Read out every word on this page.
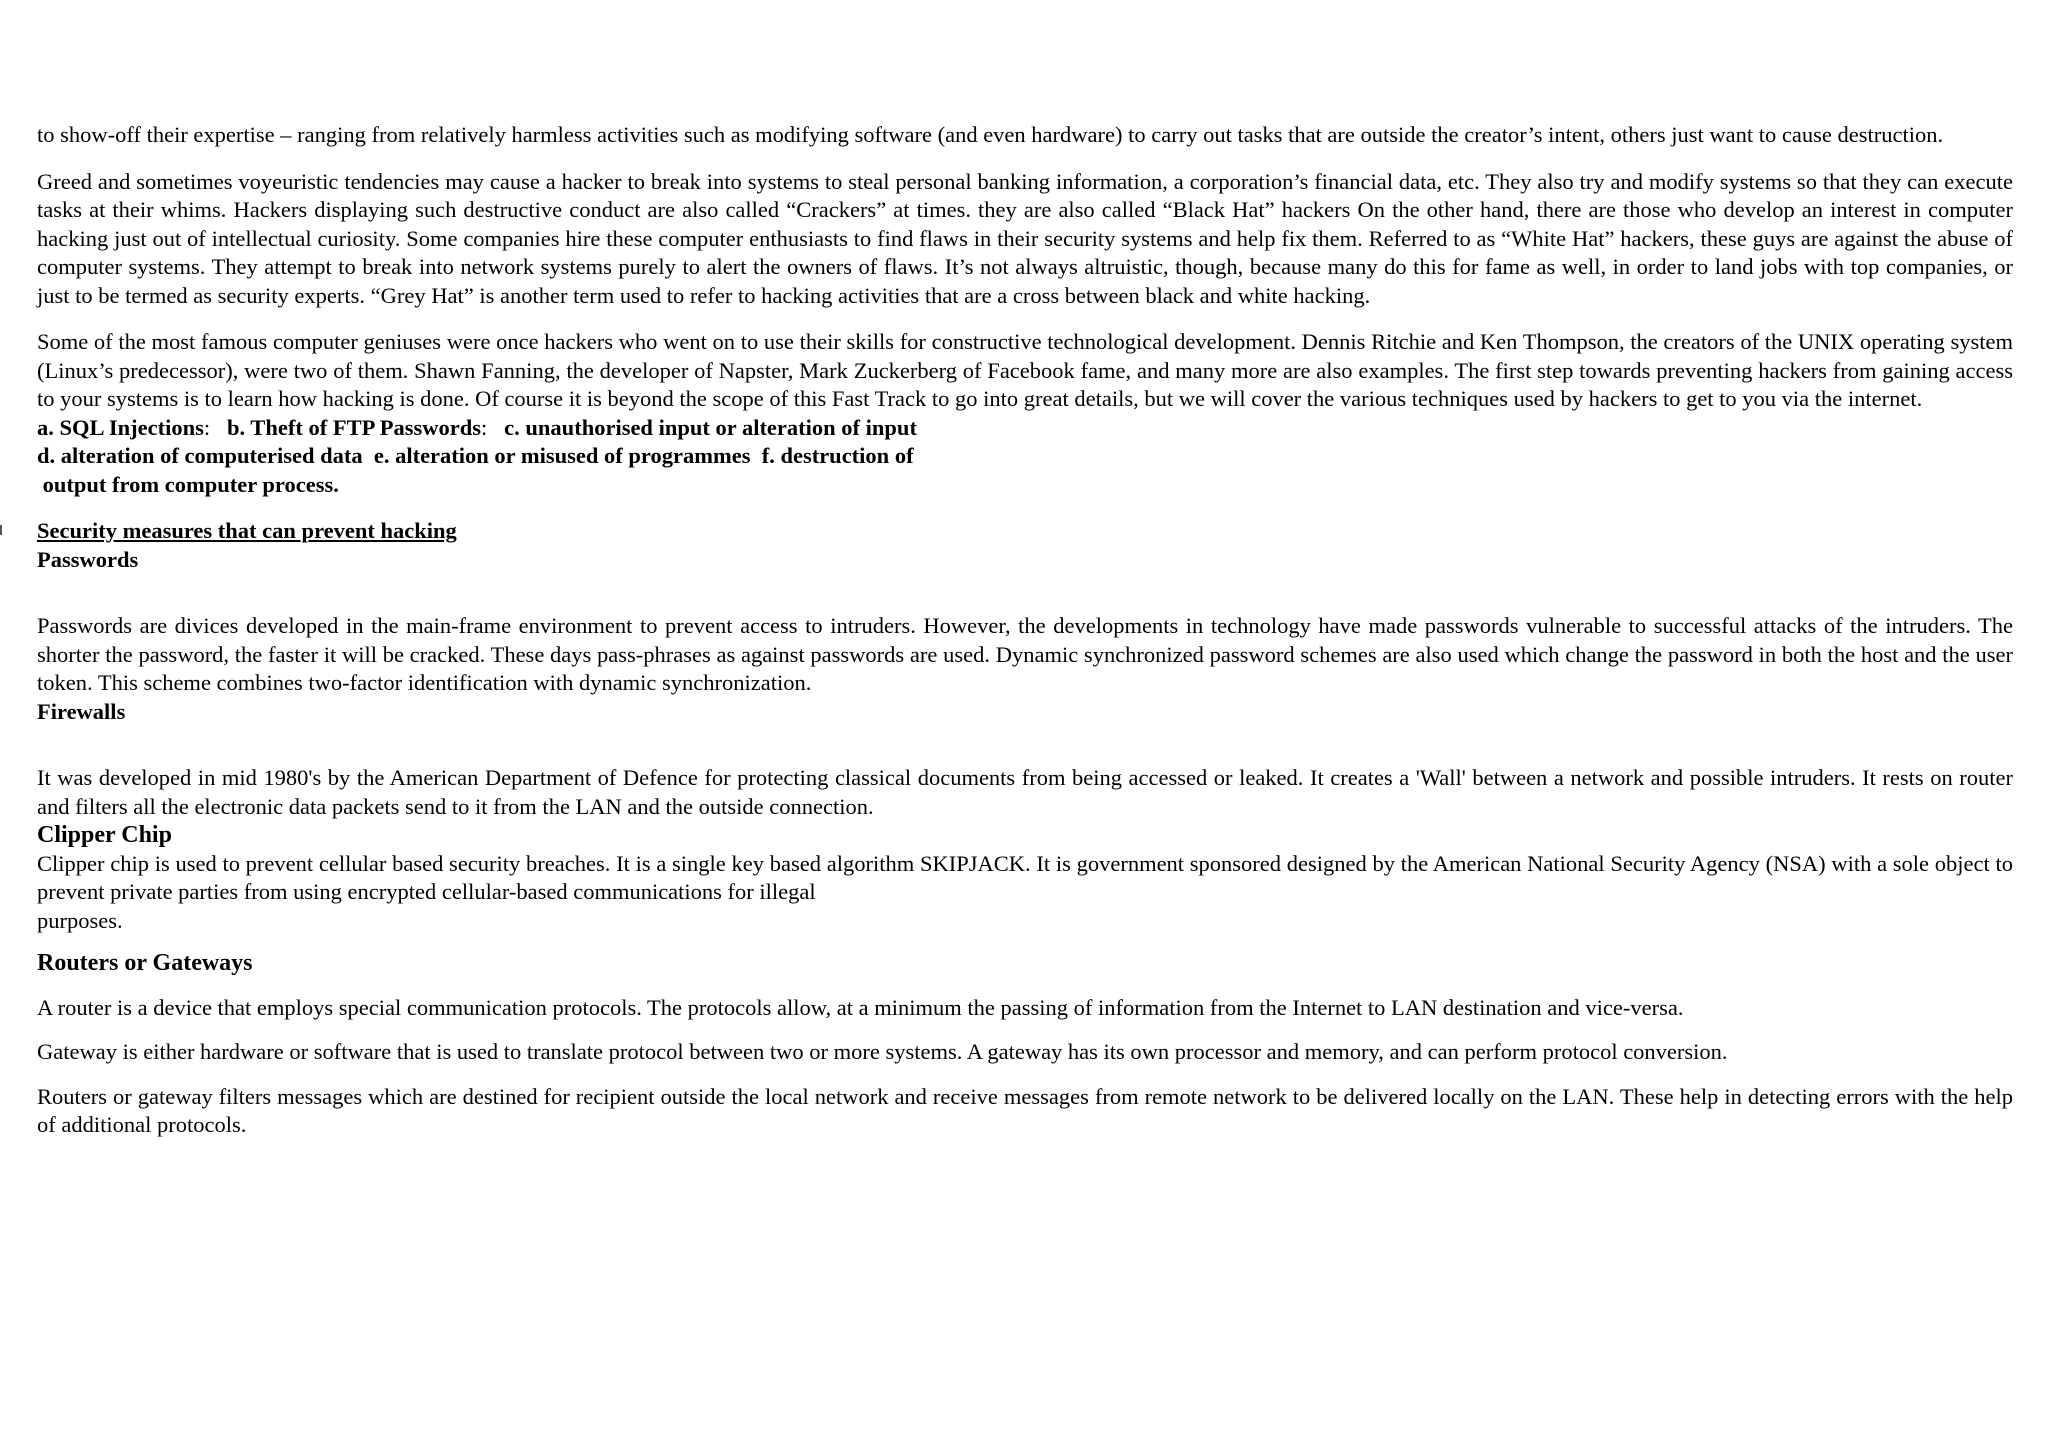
to show-off their expertise – ranging from relatively harmless activities such as modifying software (and even hardware) to carry out tasks that are outside the creator’s intent, others just want to cause destruction.

Greed and sometimes voyeuristic tendencies may cause a hacker to break into systems to steal personal banking information, a corporation’s financial data, etc. They also try and modify systems so that they can execute tasks at their whims. Hackers displaying such destructive conduct are also called “Crackers” at times. they are also called “Black Hat” hackers On the other hand, there are those who develop an interest in computer hacking just out of intellectual curiosity. Some companies hire these computer enthusiasts to find flaws in their security systems and help fix them. Referred to as “White Hat” hackers, these guys are against the abuse of computer systems. They attempt to break into network systems purely to alert the owners of flaws. It’s not always altruistic, though, because many do this for fame as well, in order to land jobs with top companies, or just to be termed as security experts. “Grey Hat” is another term used to refer to hacking activities that are a cross between black and white hacking.

Some of the most famous computer geniuses were once hackers who went on to use their skills for constructive technological development. Dennis Ritchie and Ken Thompson, the creators of the UNIX operating system (Linux’s predecessor), were two of them. Shawn Fanning, the developer of Napster, Mark Zuckerberg of Facebook fame, and many more are also examples. The first step towards preventing hackers from gaining access to your systems is to learn how hacking is done. Of course it is beyond the scope of this Fast Track to go into great details, but we will cover the various techniques used by hackers to get to you via the internet.

a. SQL Injections: b. Theft of FTP Passwords: c. unauthorised input or alteration of input

d. alteration of computerised data  e. alteration or misused of programmes  f. destruction of

output from computer process.

Security measures that can prevent hacking

Passwords

Passwords are divices developed in the main-frame environment to prevent access to intruders. However, the developments in technology have made passwords vulnerable to successful attacks of the intruders. The shorter the password, the faster it will be cracked. These days pass-phrases as against passwords are used. Dynamic synchronized password schemes are also used which change the password in both the host and the user token. This scheme combines two-factor identification with dynamic synchronization.

Firewalls

It was developed in mid 1980's by the American Department of Defence for protecting classical documents from being accessed or leaked. It creates a 'Wall' between a network and possible intruders. It rests on router and filters all the electronic data packets send to it from the LAN and the outside connection.

Clipper Chip

Clipper chip is used to prevent cellular based security breaches. It is a single key based algorithm SKIPJACK. It is government sponsored designed by the American National Security Agency (NSA) with a sole object to prevent private parties from using encrypted cellular-based communications for illegal

purposes.

Routers or Gateways

A router is a device that employs special communication protocols. The protocols allow, at a minimum the passing of information from the Internet to LAN destination and vice-versa.

Gateway is either hardware or software that is used to translate protocol between two or more systems. A gateway has its own processor and memory, and can perform protocol conversion.

Routers or gateway filters messages which are destined for recipient outside the local network and receive messages from remote network to be delivered locally on the LAN. These help in detecting errors with the help of additional protocols.
